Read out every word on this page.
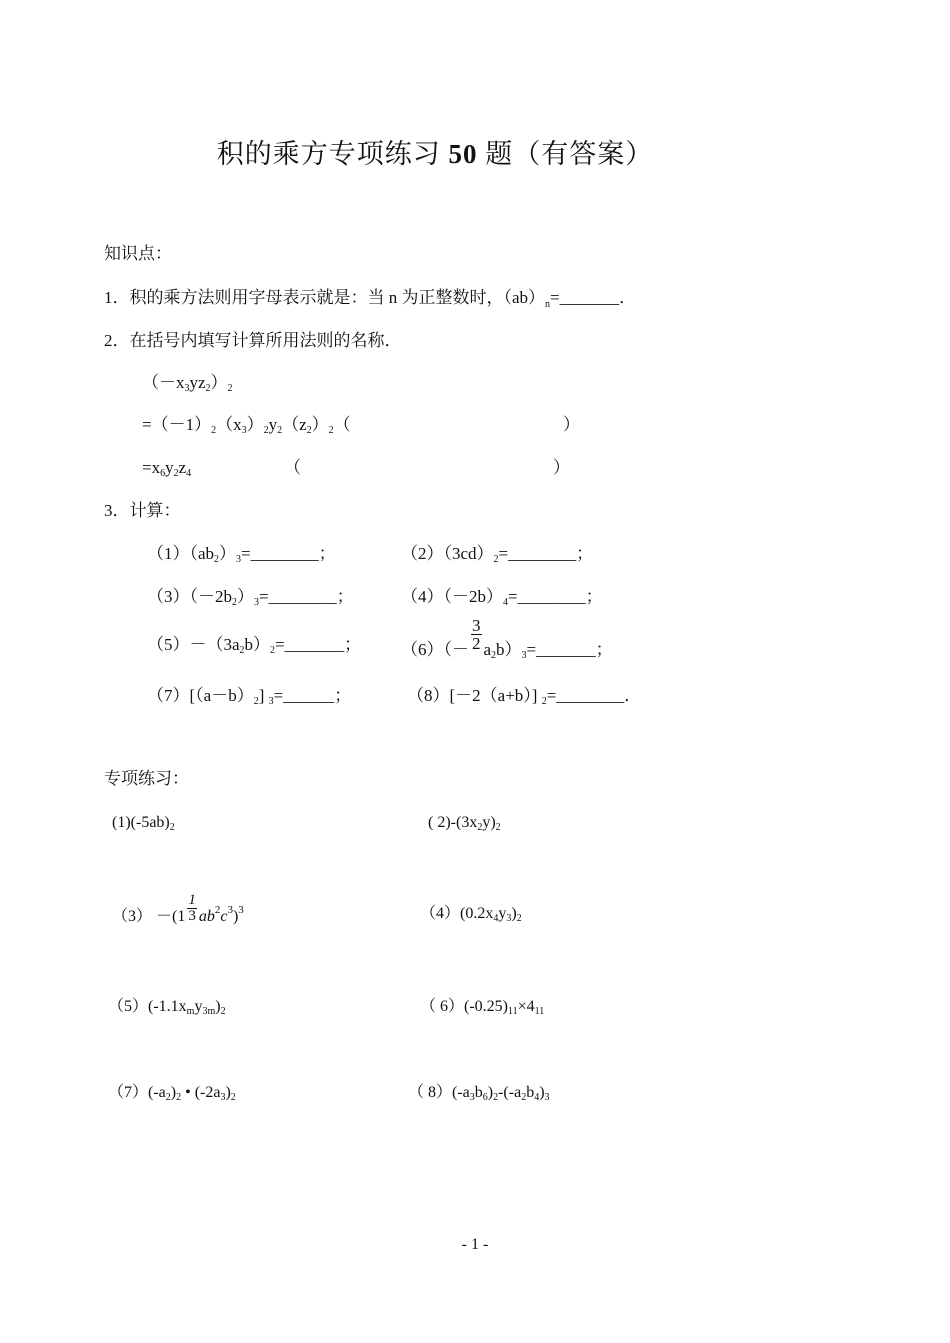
积的乘方专项练习 50 题（有答案）
知识点：
1．积的乘方法则用字母表示就是：当 n 为正整数时，$(ab)_n=\_\_\_\_\_\_\_$．
2．在括号内填写计算所用法则的名称．
（－x3yz2）2
=（－1）2（x3）2y2（z2）2（	）
=x6y2z4	（	）
3．计算：
（1）（ab2）3=________；	（2）（3cd）2=________；
（3）（－2b2）3=________；	（4）（－2b）4=________；
（5）－（3a2b）2=_______； $(6)(- \frac{3}{2}$ a2b）3=_______；
（7）[（a－b）2] 3=______；	（8）[－2（a+b）] 2=________．
专项练习：
(1)(-5ab)2	( 2)-(3x2y)2
$(3) -(1 \frac{1}{3} ab^2c^3)^3$	（4）(0.2x4y3)2
（5）(-1.1xmy3m)2	（ 6）(-0.25)11×411
（7）(-a2)2 • (-2a3)2	（ 8）(-a3b6)2-(-a2b4)3
- 1 -
